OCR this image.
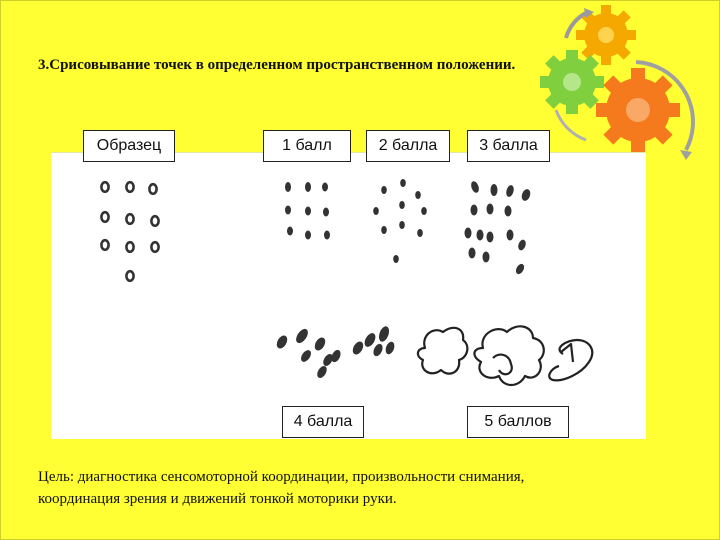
3.Срисовывание точек в определенном пространственном положении.
Образец	1 балл	2 балла	3 балла
4 балла	5 баллов
Цель: диагностика сенсомоторной координации, произвольности снимания,
координация зрения и движений тонкой моторики руки.
